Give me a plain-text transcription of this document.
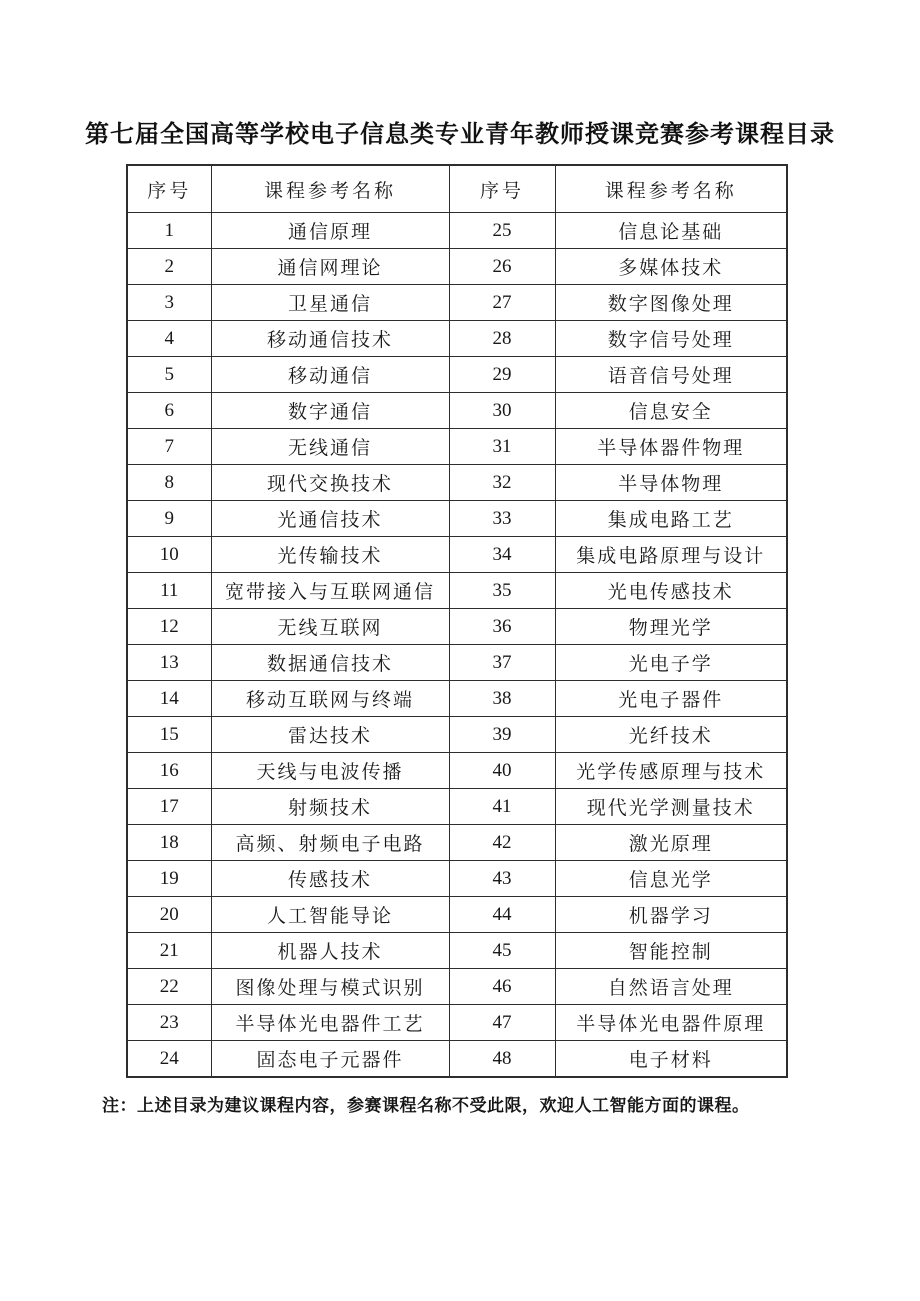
第七届全国高等学校电子信息类专业青年教师授课竞赛参考课程目录
序号	课程参考名称	序号	课程参考名称
1	通信原理	25	信息论基础
2	通信网理论	26	多媒体技术
3	卫星通信	27	数字图像处理
4	移动通信技术	28	数字信号处理
5	移动通信	29	语音信号处理
6	数字通信	30	信息安全
7	无线通信	31	半导体器件物理
8	现代交换技术	32	半导体物理
9	光通信技术	33	集成电路工艺
10	光传输技术	34	集成电路原理与设计
11	宽带接入与互联网通信	35	光电传感技术
12	无线互联网	36	物理光学
13	数据通信技术	37	光电子学
14	移动互联网与终端	38	光电子器件
15	雷达技术	39	光纤技术
16	天线与电波传播	40	光学传感原理与技术
17	射频技术	41	现代光学测量技术
18	高频、射频电子电路	42	激光原理
19	传感技术	43	信息光学
20	人工智能导论	44	机器学习
21	机器人技术	45	智能控制
22	图像处理与模式识别	46	自然语言处理
23	半导体光电器件工艺	47	半导体光电器件原理
24	固态电子元器件	48	电子材料

注：上述目录为建议课程内容，参赛课程名称不受此限，欢迎人工智能方面的课程。
